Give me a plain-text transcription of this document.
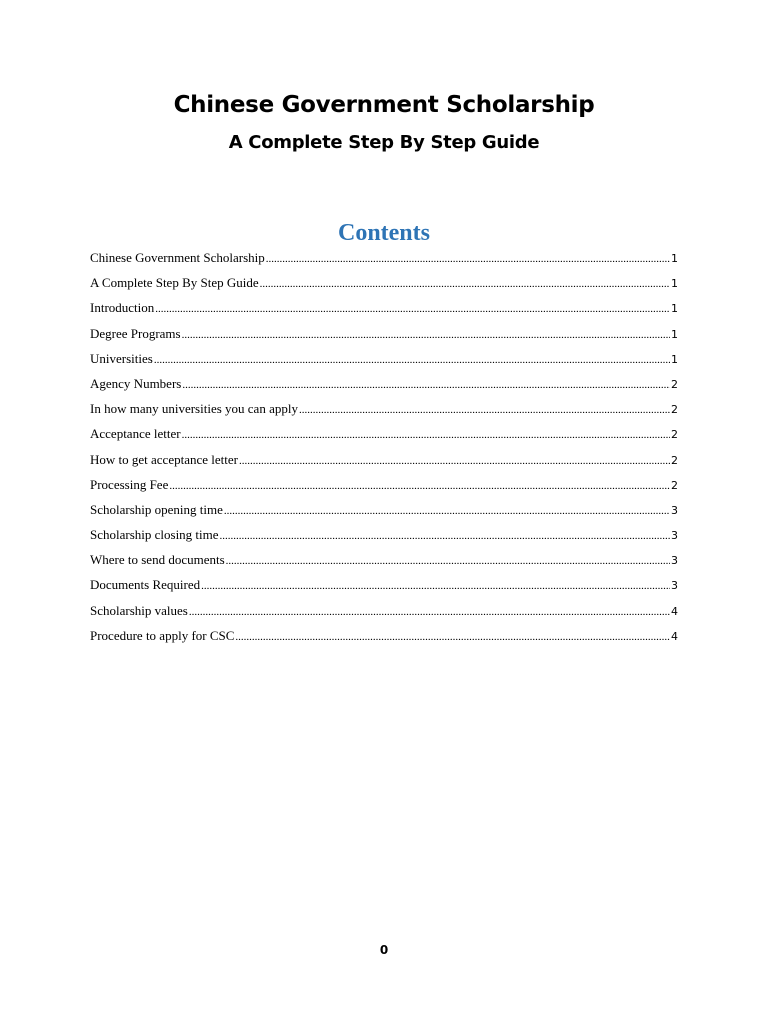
Chinese Government Scholarship
A Complete Step By Step Guide
Contents
Chinese Government Scholarship .....	1
A Complete Step By Step Guide .....	1
Introduction .....	1
Degree Programs .....	1
Universities .....	1
Agency Numbers .....	2
In how many universities you can apply .....	2
Acceptance letter .....	2
How to get acceptance letter .....	2
Processing Fee .....	2
Scholarship opening time .....	3
Scholarship closing time .....	3
Where to send documents .....	3
Documents Required .....	3
Scholarship values .....	4
Procedure to apply for CSC .....	4
0
